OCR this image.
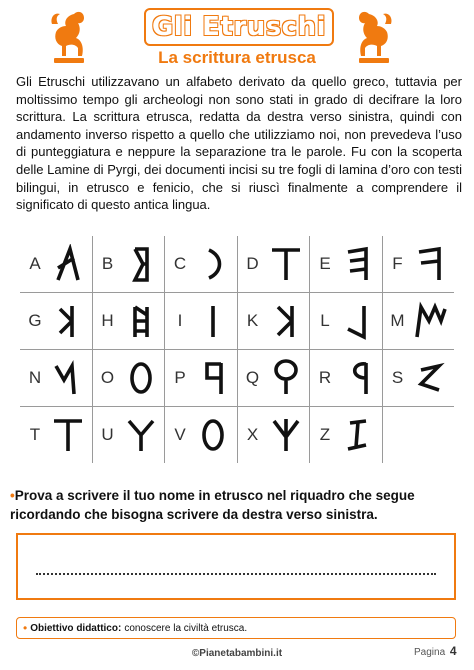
Gli Etruschi
La scrittura etrusca

Gli Etruschi utilizzavano un alfabeto derivato da quello greco, tuttavia per moltissimo tempo gli archeologi non sono stati in grado di decifrare la loro scrittura. La scrittura etrusca, redatta da destra verso sinistra, quindi con andamento inverso rispetto a quello che utilizziamo noi, non prevedeva l’uso di punteggiatura e neppure la separazione tra le parole. Fu con la scoperta delle Lamine di Pyrgi, dei documenti incisi su tre fogli di lamina d’oro con testi bilingui, in etrusco e fenicio, che si riuscì finalmente a comprendere il significato di questo antica lingua.

A	B	C	D	E	F

G	H	I	K	L	M

N	O	P	Q	R	S

T	U	V	X	Z	

•Prova a scrivere il tuo nome in etrusco nel riquadro che segue ricordando che bisogna scrivere da destra verso sinistra.

• Obiettivo didattico: conoscere la civiltà etrusca.
©Pianetabambini.it	Pagina 4
